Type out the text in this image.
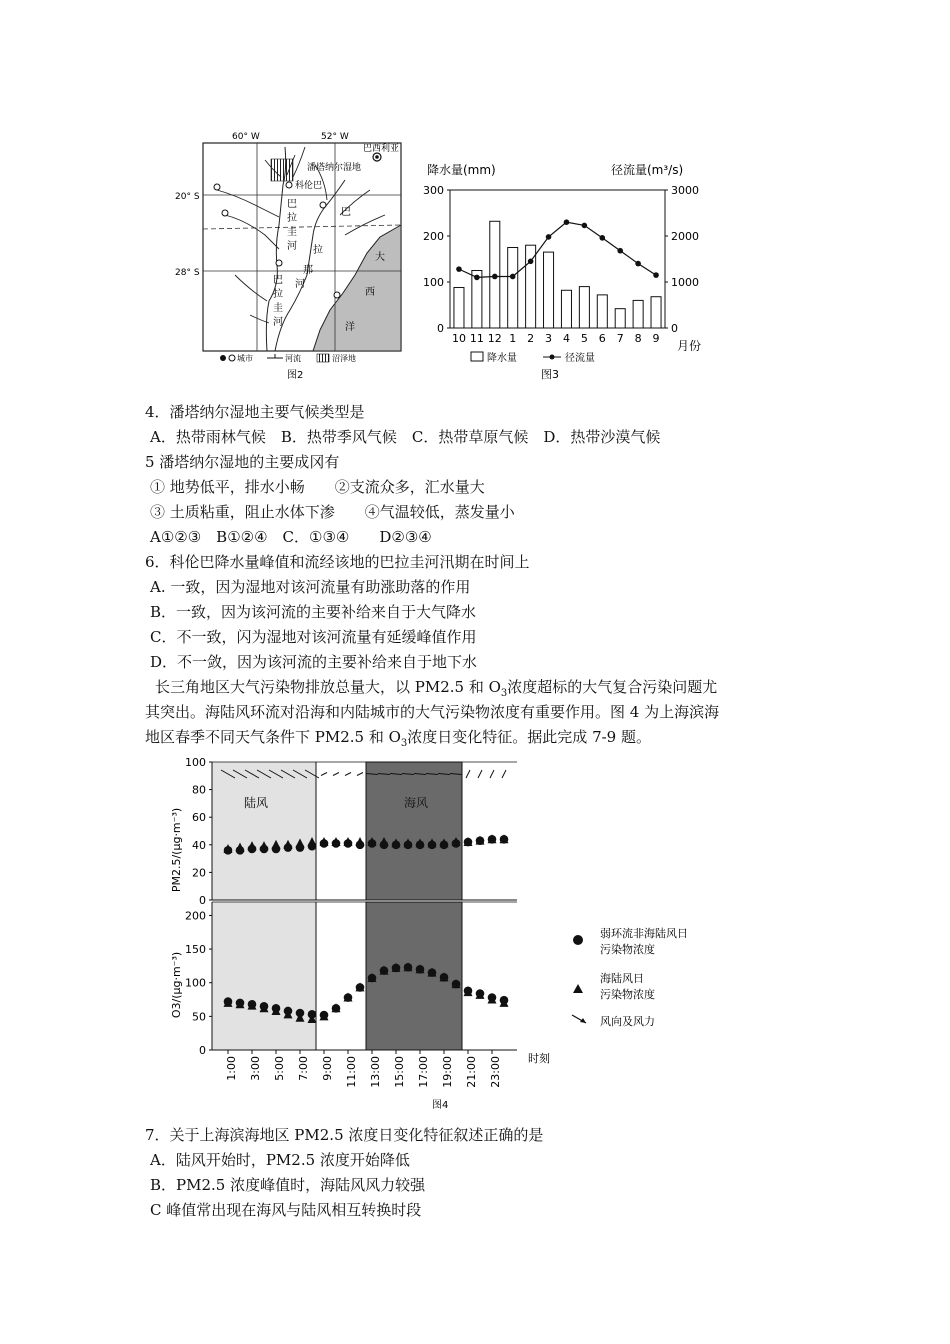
60° W	52° W
20° S
28° S
巴西利亚
潘塔纳尔湿地
科伦巴
巴
拉
圭
河
巴
拉
圭
河
巴
拉
那
河
大
西
洋
城市	河流	沼泽地
图2
降水量(mm)	径流量(m³/s)
0
100
200
300
0
1000
2000
3000
10 11 12 1 2 3 4 5 6 7 8 9
月份
降水量	径流量
图3
4．潘塔纳尔湿地主要气候类型是
A．热带雨林气候　B．热带季风气候　C．热带草原气候　D．热带沙漠气候
5 潘塔纳尔湿地的主要成冈有
① 地势低平，排水小畅　　②支流众多，汇水量大
③ 土质粘重，阻止水体下渗　　④气温较低，蒸发量小
A①②③　B①②④　C．①③④　　D②③④
6．科伦巴降水量峰值和流经该地的巴拉圭河汛期在时间上
A. 一致，因为湿地对该河流量有助涨助落的作用
B．一致，因为该河流的主要补给来自于大气降水
C．不一致，闪为湿地对该河流量有延缓峰值作用
D．不一敛，因为该河流的主要补给来自于地下水
长三角地区大气污染物排放总量大，以 PM2.5 和 $O_3$浓度超标的大气复合污染问题尤
其突出。海陆风环流对沿海和内陆城市的大气污染物浓度有重要作用。图 4 为上海滨海
地区春季不同天气条件下 PM2.5 和 $O_3$浓度日变化特征。据此完成 7-9 题。
0
20
40
60
80
100
0
50
100
150
200
1:00 3:00 5:00 7:00 9:00 11:00 13:00 15:00 17:00 19:00 21:00 23:00
PM2.5/(μg·m⁻³)
O3/(μg·m⁻³)
陆风	海风
时刻
图4
弱环流非海陆风日
污染物浓度
海陆风日
污染物浓度
风向及风力
7．关于上海滨海地区 PM2.5 浓度日变化特征叙述正确的是
A．陆风开始时，PM2.5 浓度开始降低
B．PM2.5 浓度峰值时，海陆风风力较强
C 峰值常出现在海风与陆风相互转换时段
